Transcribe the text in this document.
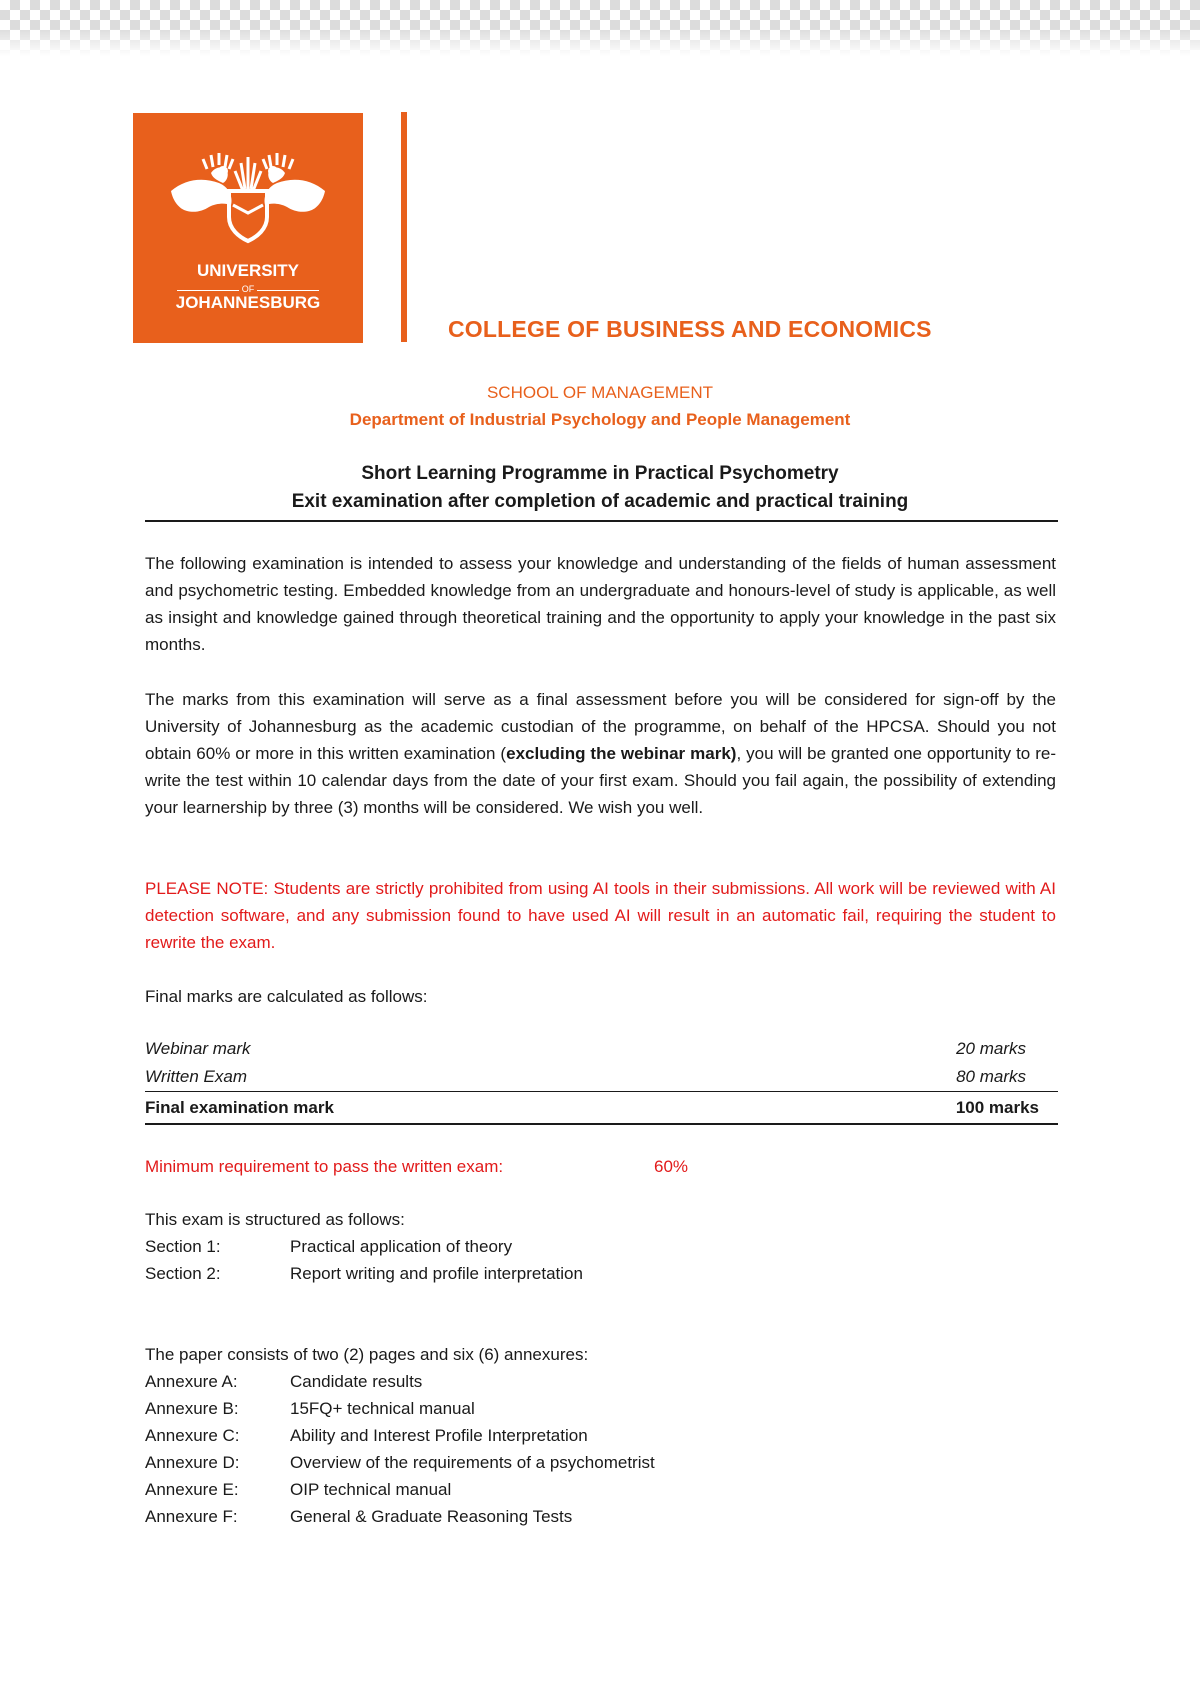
UNIVERSITY
OF
JOHANNESBURG
COLLEGE OF BUSINESS AND ECONOMICS
SCHOOL OF MANAGEMENT
Department of Industrial Psychology and People Management
Short Learning Programme in Practical Psychometry
Exit examination after completion of academic and practical training
The following examination is intended to assess your knowledge and understanding of the fields of human assessment and psychometric testing. Embedded knowledge from an undergraduate and honours-level of study is applicable, as well as insight and knowledge gained through theoretical training and the opportunity to apply your knowledge in the past six months.
The marks from this examination will serve as a final assessment before you will be considered for sign-off by the University of Johannesburg as the academic custodian of the programme, on behalf of the HPCSA. Should you not obtain 60% or more in this written examination (excluding the webinar mark), you will be granted one opportunity to re-write the test within 10 calendar days from the date of your first exam. Should you fail again, the possibility of extending your learnership by three (3) months will be considered. We wish you well.
PLEASE NOTE: Students are strictly prohibited from using AI tools in their submissions. All work will be reviewed with AI detection software, and any submission found to have used AI will result in an automatic fail, requiring the student to rewrite the exam.
Final marks are calculated as follows:
Webinar mark	20 marks
Written Exam	80 marks
Final examination mark	100 marks
Minimum requirement to pass the written exam:	60%
This exam is structured as follows:
Section 1:	Practical application of theory
Section 2:	Report writing and profile interpretation
The paper consists of two (2) pages and six (6) annexures:
Annexure A:	Candidate results
Annexure B:	15FQ+ technical manual
Annexure C:	Ability and Interest Profile Interpretation
Annexure D:	Overview of the requirements of a psychometrist
Annexure E:	OIP technical manual
Annexure F:	General & Graduate Reasoning Tests
